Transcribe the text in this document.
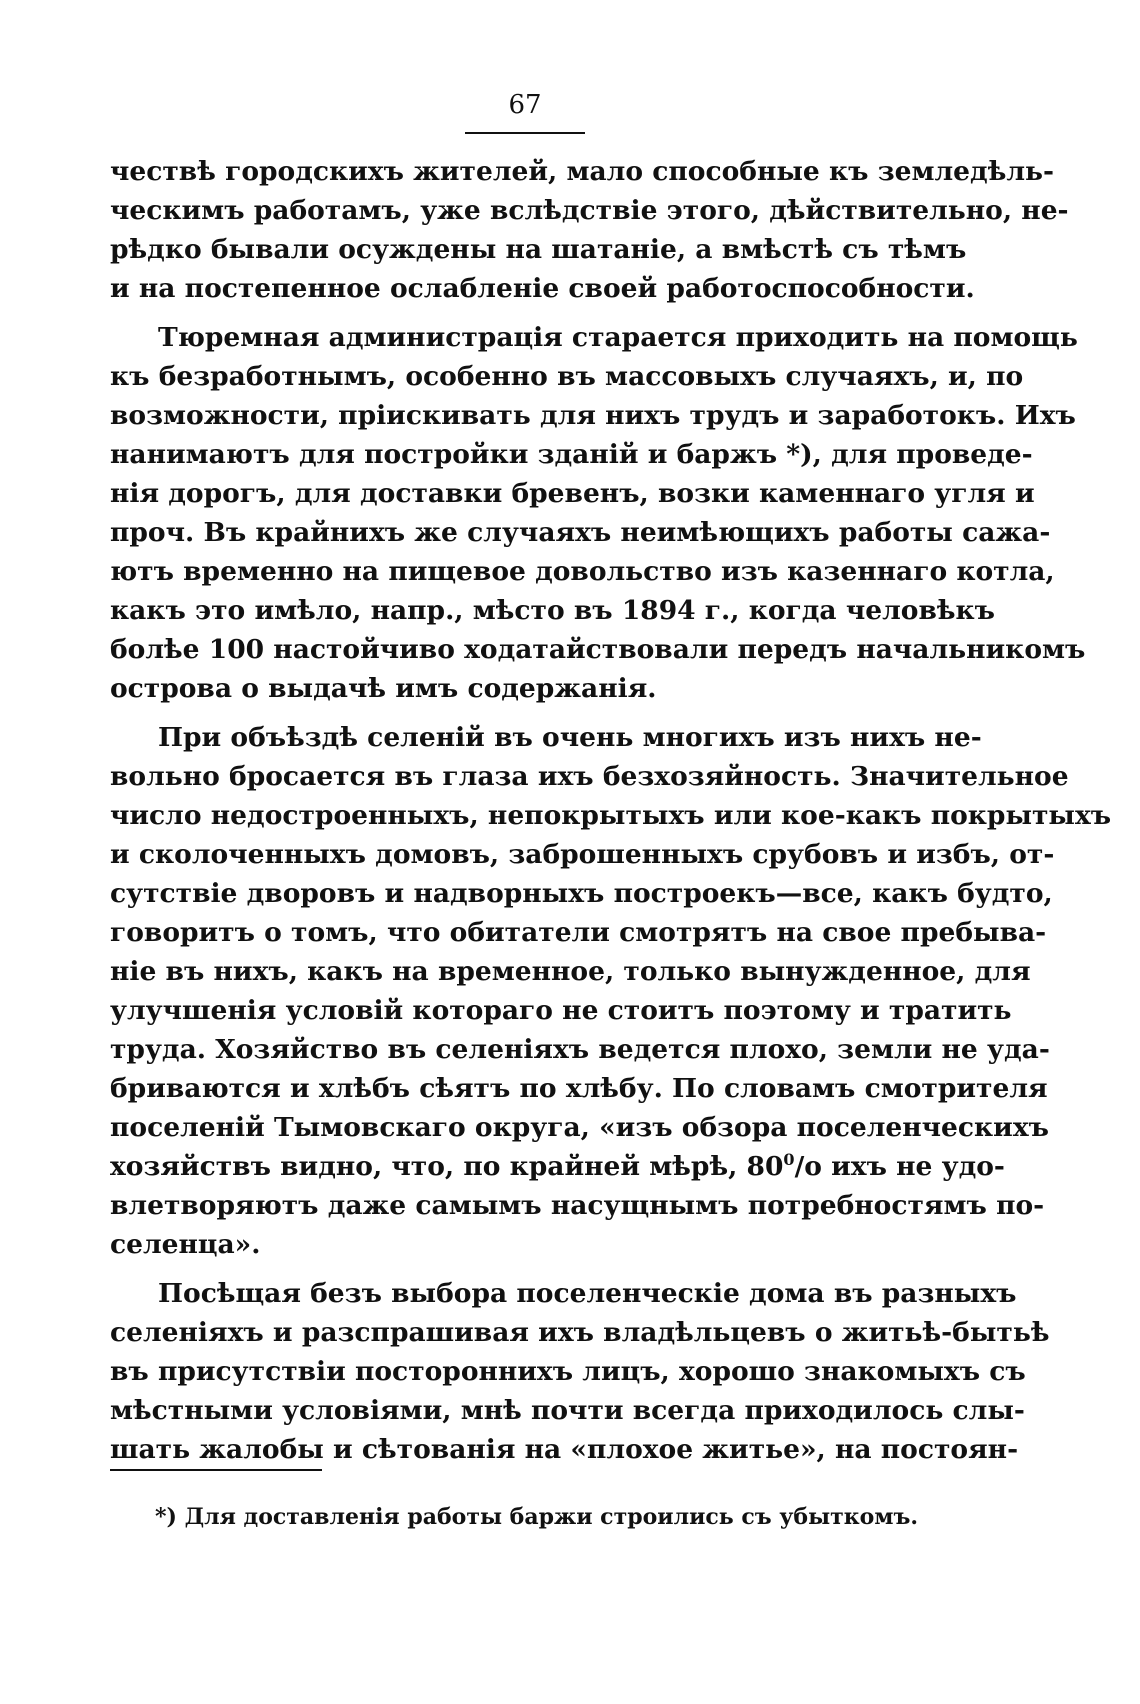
67
чествѣ городскихъ жителей, мало способные къ земледѣль-
ческимъ работамъ, уже вслѣдствіе этого, дѣйствительно, не-
рѣдко бывали осуждены на шатаніе, а вмѣстѣ съ тѣмъ
и на постепенное ослабленіе своей работоспособности.
Тюремная администрація старается приходить на помощь
къ безработнымъ, особенно въ массовыхъ случаяхъ, и, по
возможности, пріискивать для нихъ трудъ и заработокъ. Ихъ
нанимаютъ для постройки зданій и баржъ *), для проведе-
нія дорогъ, для доставки бревенъ, возки каменнаго угля и
проч. Въ крайнихъ же случаяхъ неимѣющихъ работы сажа-
ютъ временно на пищевое довольство изъ казеннаго котла,
какъ это имѣло, напр., мѣсто въ 1894 г., когда человѣкъ
болѣе 100 настойчиво ходатайствовали передъ начальникомъ
острова о выдачѣ имъ содержанія.
При объѣздѣ селеній въ очень многихъ изъ нихъ не-
вольно бросается въ глаза ихъ безхозяйность. Значительное
число недостроенныхъ, непокрытыхъ или кое-какъ покрытыхъ
и сколоченныхъ домовъ, заброшенныхъ срубовъ и избъ, от-
сутствіе дворовъ и надворныхъ построекъ—все, какъ будто,
говоритъ о томъ, что обитатели смотрятъ на свое пребыва-
ніе въ нихъ, какъ на временное, только вынужденное, для
улучшенія условій котораго не стоитъ поэтому и тратить
труда. Хозяйство въ селеніяхъ ведется плохо, земли не уда-
бриваются и хлѣбъ сѣятъ по хлѣбу. По словамъ смотрителя
поселеній Тымовскаго округа, «изъ обзора поселенческихъ
хозяйствъ видно, что, по крайней мѣрѣ, $80^0/о$ ихъ не удо-
влетворяютъ даже самымъ насущнымъ потребностямъ по-
селенца».
Посѣщая безъ выбора поселенческіе дома въ разныхъ
селеніяхъ и разспрашивая ихъ владѣльцевъ о житьѣ-бытьѣ
въ присутствіи постороннихъ лицъ, хорошо знакомыхъ съ
мѣстными условіями, мнѣ почти всегда приходилось слы-
шать жалобы и сѣтованія на «плохое житье», на постоян-
*) Для доставленія работы баржи строились съ убыткомъ.
